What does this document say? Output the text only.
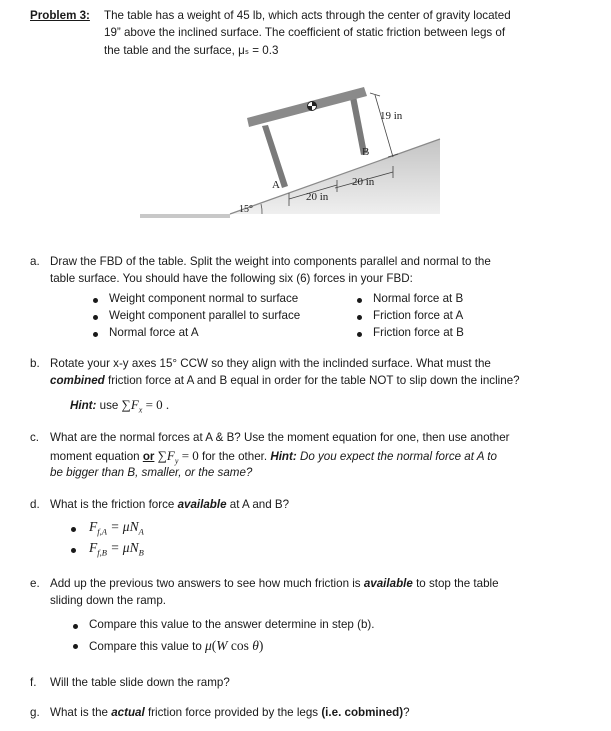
Problem 3: The table has a weight of 45 lb, which acts through the center of gravity located
19” above the inclined surface. The coefficient of static friction between legs of
the table and the surface, μₛ = 0.3
19 in
B
A	20 in
20 in
15°
a. Draw the FBD of the table. Split the weight into components parallel and normal to the
table surface. You should have the following six (6) forces in your FBD:
Weight component normal to surface
Weight component parallel to surface
Normal force at A
Normal force at B
Friction force at A
Friction force at B
b. Rotate your x-y axes 15° CCW so they align with the inclinded surface. What must the
combined friction force at A and B equal in order for the table NOT to slip down the incline?
Hint: use $\sum F_x = 0$ .
c. What are the normal forces at A & B? Use the moment equation for one, then use another
moment equation or $\sum F_y = 0$ for the other. Hint: Do you expect the normal force at A to
be bigger than B, smaller, or the same?
d. What is the friction force available at A and B?
$F_{f,A} = \mu N_A$
$F_{f,B} = \mu N_B$
e. Add up the previous two answers to see how much friction is available to stop the table
sliding down the ramp.
Compare this value to the answer determine in step (b).
Compare this value to μ(W cos θ)
f. Will the table slide down the ramp?
g. What is the actual friction force provided by the legs (i.e. cobmined)?
